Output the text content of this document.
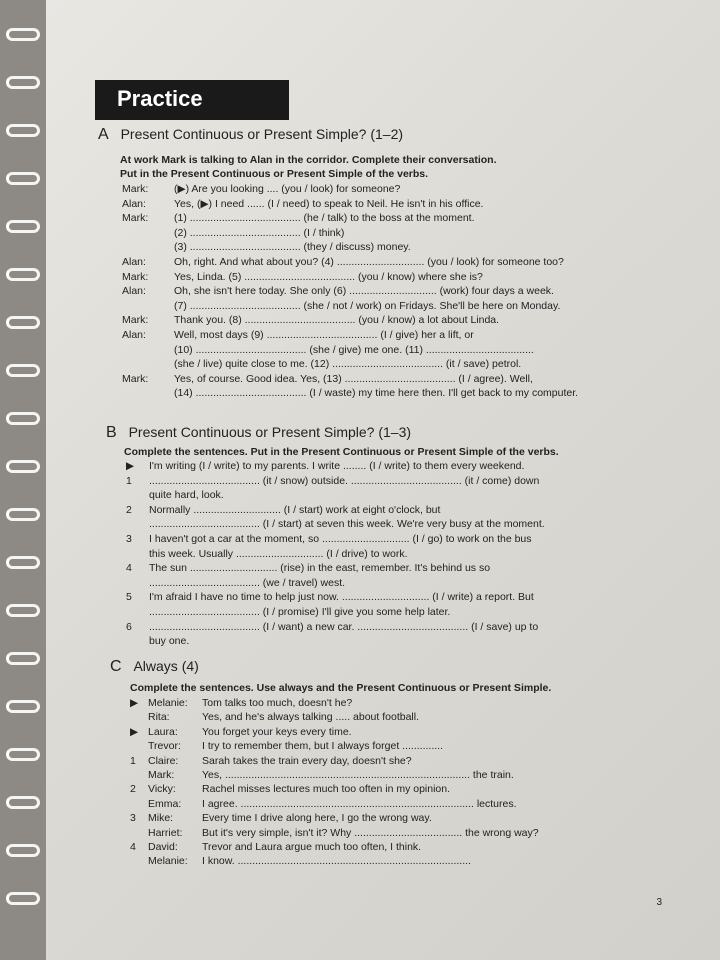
Practice
A Present Continuous or Present Simple? (1–2)
At work Mark is talking to Alan in the corridor. Complete their conversation.
Put in the Present Continuous or Present Simple of the verbs.
Mark: (▶) Are you looking .... (you / look) for someone?
Alan:	Yes, (▶) I need ...... (I / need) to speak to Neil. He isn't in his office.
Mark: (1) ...................................... (he / talk) to the boss at the moment.
(2) ...................................... (I / think)
(3) ...................................... (they / discuss) money.
Alan:	Oh, right. And what about you? (4) .............................. (you / look) for someone too?
Mark: Yes, Linda. (5) ...................................... (you / know) where she is?
Alan:	Oh, she isn't here today. She only (6) .............................. (work) four days a week.
(7) ...................................... (she / not / work) on Fridays. She'll be here on Monday.
Mark: Thank you. (8) ...................................... (you / know) a lot about Linda.
Alan:	Well, most days (9) ...................................... (I / give) her a lift, or
(10) ...................................... (she / give) me one. (11) .....................................
(she / live) quite close to me. (12) ...................................... (it / save) petrol.
Mark: Yes, of course. Good idea. Yes, (13) ...................................... (I / agree). Well,
(14) ...................................... (I / waste) my time here then. I'll get back to my computer.
B Present Continuous or Present Simple? (1–3)
Complete the sentences. Put in the Present Continuous or Present Simple of the verbs.
▶ I'm writing (I / write) to my parents. I write ........ (I / write) to them every weekend.
1 ...................................... (it / snow) outside. ...................................... (it / come) down
quite hard, look.
2 Normally .............................. (I / start) work at eight o'clock, but
...................................... (I / start) at seven this week. We're very busy at the moment.
3 I haven't got a car at the moment, so .............................. (I / go) to work on the bus
this week. Usually .............................. (I / drive) to work.
4 The sun .............................. (rise) in the east, remember. It's behind us so
...................................... (we / travel) west.
5 I'm afraid I have no time to help just now. .............................. (I / write) a report. But
...................................... (I / promise) I'll give you some help later.
6 ...................................... (I / want) a new car. ...................................... (I / save) up to
buy one.
C Always (4)
Complete the sentences. Use always and the Present Continuous or Present Simple.
▶ Melanie: Tom talks too much, doesn't he?
Rita:	Yes, and he's always talking ..... about football.
▶ Laura: You forget your keys every time.
Trevor: I try to remember them, but I always forget ..............
1 Claire: Sarah takes the train every day, doesn't she?
Mark:	Yes, .................................................................................... the train.
2 Vicky: Rachel misses lectures much too often in my opinion.
Emma: I agree. ................................................................................ lectures.
3 Mike:	Every time I drive along here, I go the wrong way.
Harriet: But it's very simple, isn't it? Why ..................................... the wrong way?
4 David: Trevor and Laura argue much too often, I think.
Melanie: I know. ................................................................................
3
